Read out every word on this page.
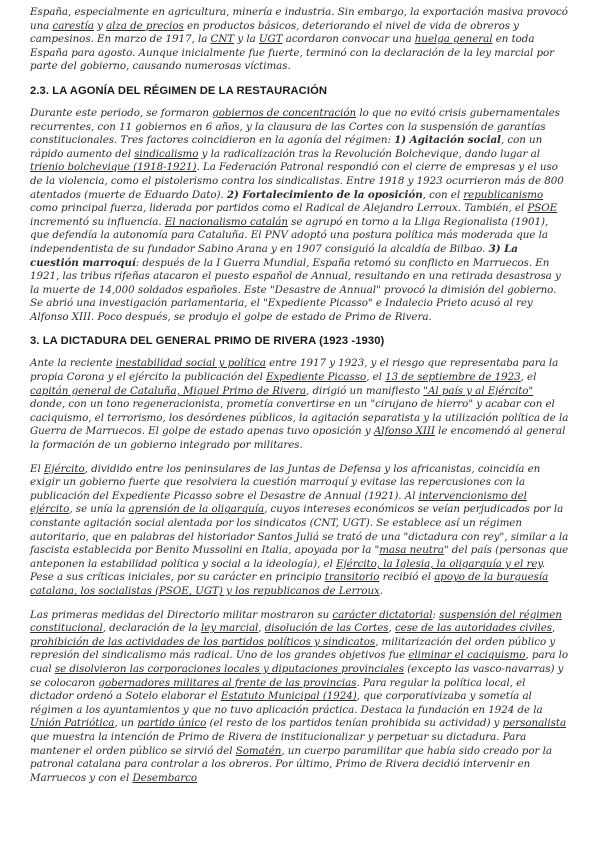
España, especialmente en agricultura, minería e industria. Sin embargo, la exportación masiva provocó una carestía y alza de precios en productos básicos, deteriorando el nivel de vida de obreros y campesinos. En marzo de 1917, la CNT y la UGT acordaron convocar una huelga general en toda España para agosto. Aunque inicialmente fue fuerte, terminó con la declaración de la ley marcial por parte del gobierno, causando numerosas víctimas.

2.3. LA AGONÍA DEL RÉGIMEN DE LA RESTAURACIÓN

Durante este periodo, se formaron gobiernos de concentración lo que no evitó crisis gubernamentales recurrentes, con 11 gobiernos en 6 años, y la clausura de las Cortes con la suspensión de garantías constitucionales. Tres factores coincidieron en la agonía del régimen: 1) Agitación social, con un rápido aumento del sindicalismo y la radicalización tras la Revolución Bolchevique, dando lugar al trienio bolchevique (1918-1921). La Federación Patronal respondió con el cierre de empresas y el uso de la violencia, como el pistolerismo contra los sindicalistas. Entre 1918 y 1923 ocurrieron más de 800 atentados (muerte de Eduardo Dato). 2) Fortalecimiento de la oposición, con el republicanismo como principal fuerza, liderada por partidos como el Radical de Alejandro Lerroux. También, el PSOE incrementó su influencia. El nacionalismo catalán se agrupó en torno a la Lliga Regionalista (1901), que defendía la autonomía para Cataluña. El PNV adoptó una postura política más moderada que la independentista de su fundador Sabino Arana y en 1907 consiguió la alcaldía de Bilbao. 3) La cuestión marroquí: después de la I Guerra Mundial, España retomó su conflicto en Marruecos. En 1921, las tribus rifeñas atacaron el puesto español de Annual, resultando en una retirada desastrosa y la muerte de 14,000 soldados españoles. Este "Desastre de Annual" provocó la dimisión del gobierno. Se abrió una investigación parlamentaria, el "Expediente Picasso" e Indalecio Prieto acusó al rey Alfonso XIII. Poco después, se produjo el golpe de estado de Primo de Rivera.

3. LA DICTADURA DEL GENERAL PRIMO DE RIVERA (1923 -1930)

Ante la reciente inestabilidad social y política entre 1917 y 1923, y el riesgo que representaba para la propia Corona y el ejército la publicación del Expediente Picasso, el 13 de septiembre de 1923, el capitán general de Cataluña, Miguel Primo de Rivera, dirigió un manifiesto "Al país y al Ejército" donde, con un tono regeneracionista, prometía convertirse en un "cirujano de hierro" y acabar con el caciquismo, el terrorismo, los desórdenes públicos, la agitación separatista y la utilización política de la Guerra de Marruecos. El golpe de estado apenas tuvo oposición y Alfonso XIII le encomendó al general la formación de un gobierno integrado por militares.

El Ejército, dividido entre los peninsulares de las Juntas de Defensa y los africanistas, coincidía en exigir un gobierno fuerte que resolviera la cuestión marroquí y evitase las repercusiones con la publicación del Expediente Picasso sobre el Desastre de Annual (1921). Al intervencionismo del ejército, se unía la aprensión de la oligarquía, cuyos intereses económicos se veían perjudicados por la constante agitación social alentada por los sindicatos (CNT, UGT). Se establece así un régimen autoritario, que en palabras del historiador Santos Juliá se trató de una "dictadura con rey", similar a la fascista establecida por Benito Mussolini en Italia, apoyada por la "masa neutra" del país (personas que anteponen la estabilidad política y social a la ideología), el Ejército, la Iglesia, la oligarquía y el rey. Pese a sus críticas iniciales, por su carácter en principio transitorio recibió el apoyo de la burguesía catalana, los socialistas (PSOE, UGT) y los republicanos de Lerroux.

Las primeras medidas del Directorio militar mostraron su carácter dictatorial: suspensión del régimen constitucional, declaración de la ley marcial, disolución de las Cortes, cese de las autoridades civiles, prohibición de las actividades de los partidos políticos y sindicatos, militarización del orden público y represión del sindicalismo más radical. Uno de los grandes objetivos fue eliminar el caciquismo, para lo cual se disolvieron las corporaciones locales y diputaciones provinciales (excepto las vasco-navarras) y se colocaron gobernadores militares al frente de las provincias. Para regular la política local, el dictador ordenó a Sotelo elaborar el Estatuto Municipal (1924), que corporativizaba y sometía al régimen a los ayuntamientos y que no tuvo aplicación práctica. Destaca la fundación en 1924 de la Unión Patriótica, un partido único (el resto de los partidos tenían prohibida su actividad) y personalista que muestra la intención de Primo de Rivera de institucionalizar y perpetuar su dictadura. Para mantener el orden público se sirvió del Somatén, un cuerpo paramilitar que había sido creado por la patronal catalana para controlar a los obreros. Por último, Primo de Rivera decidió intervenir en Marruecos y con el Desembarco
